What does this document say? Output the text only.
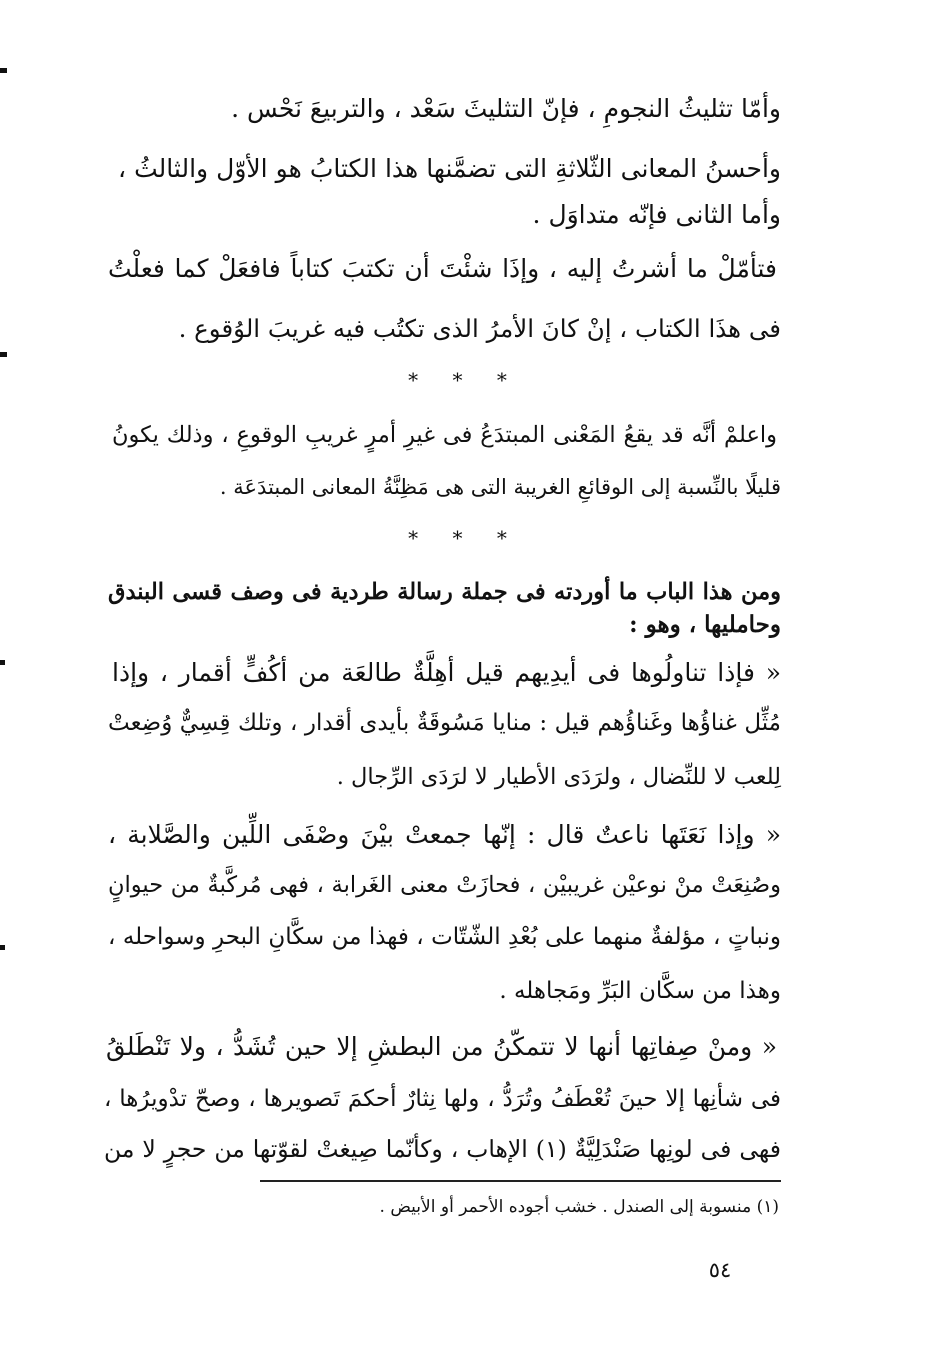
وأمّا تثليثُ النجومِ ، فإنّ التثليثَ سَعْد ، والتربيعَ نَحْس .
وأحسنُ المعانى الثّلاثةِ التى تضمَّنها هذا الكتابُ هو الأوّل والثالثُ ،
وأما الثانى فإنّه متداوَل .
فتأمّلْ ما أشرتُ إليه ، وإذَا شئْتَ أن تكتبَ كتاباً فافعَلْ كما فعلْتُ
فى هذَا الكتاب ، إنْ كانَ الأمرُ الذى تكتُب فيه غريبَ الوُقوع .
* * *
واعلمْ أنَّه قد يقعُ المَعْنى المبتدَعُ فى غيرِ أمرٍ غريبِ الوقوعِ ، وذلك يكونُ
قليلًا بالنِّسبة إلى الوقائعِ الغريبة التى هى مَظِنَّةُ المعانى المبتدَعَة .
* * *
ومن هذا الباب ما أوردته فى جملة رسالة طردية فى وصف قسى البندق
وحامليها ، وهو :
« فإذا تناولُوها فى أيدِيهم قيل أهِلَّةٌ طالعَة من أكُفٍّ أقمار ، وإذا
مُثِّل غناؤُها وغَناؤُهم قيل : منايا مَسُوقَةٌ بأيدى أقدار ، وتلك قِسِيٌّ وُضِعتْ
لِلعب لا للنِّضال ، ولرَدَى الأطيار لا لرَدَى الرِّجال .
« وإذا نَعَتَها ناعتٌ قال : إنّها جمعتْ بيْنَ وصْفَى اللِّين والصَّلابة ،
وصُنِعَتْ منْ نوعيْن غريبيْن ، فحازَتْ معنى الغَرابة ، فهى مُركَّبةٌ من حيوانٍ
ونباتٍ ، مؤلفةٌ منهما على بُعْدِ الشّتّات ، فهذا من سكَّانِ البحرِ وسواحله ،
وهذا من سكَّان البَرِّ ومَجاهله .
« ومنْ صِفاتِها أنها لا تتمكّنُ من البطشِ إلا حين تُشَدُّ ، ولا تَنْطَلقُ
فى شأنِها إلا حينَ تُعْطَفُ وتُرَدُّ ، ولها نِثارٌ أحكمَ تَصويرها ، وصحّ تدْويرُها ،
فهى فى لونِها صَنْدَلِيَّةٌ (١) الإهاب ، وكأنّما صِيغتْ لقوّتها من حجرٍ لا من
(١) منسوبة إلى الصندل . خشب أجوده الأحمر أو الأبيض .
٥٤
